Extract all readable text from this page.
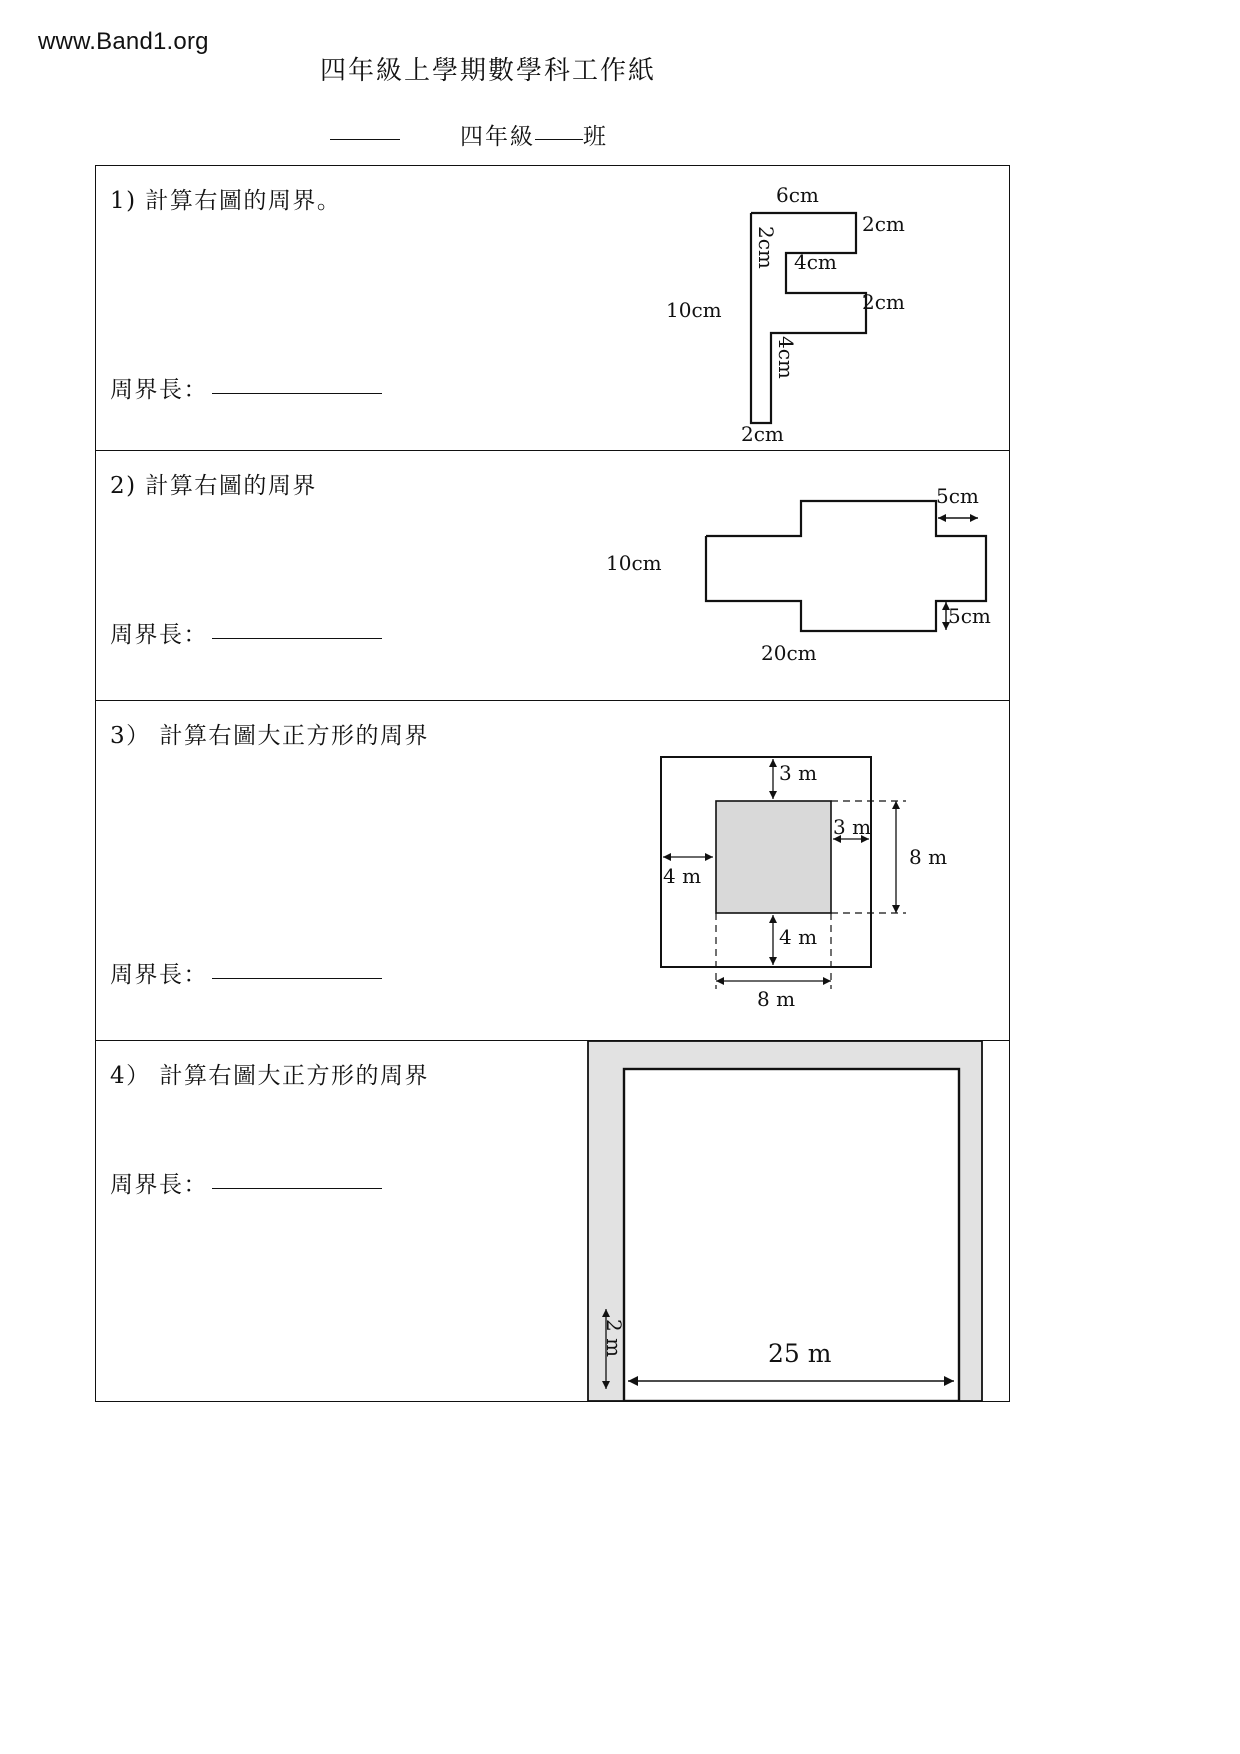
www.Band1.org
四年級上學期數學科工作紙
四年級 班
1) 計算右圖的周界。
周界長：
6cm
2cm
2cm
4cm
10cm
2cm
4cm
2cm
2) 計算右圖的周界
周界長：
5cm
10cm
5cm
20cm
3） 計算右圖大正方形的周界
周界長：
3 m
3 m
8 m
4 m
4 m
8 m
4） 計算右圖大正方形的周界
周界長：
2 m	25 m
